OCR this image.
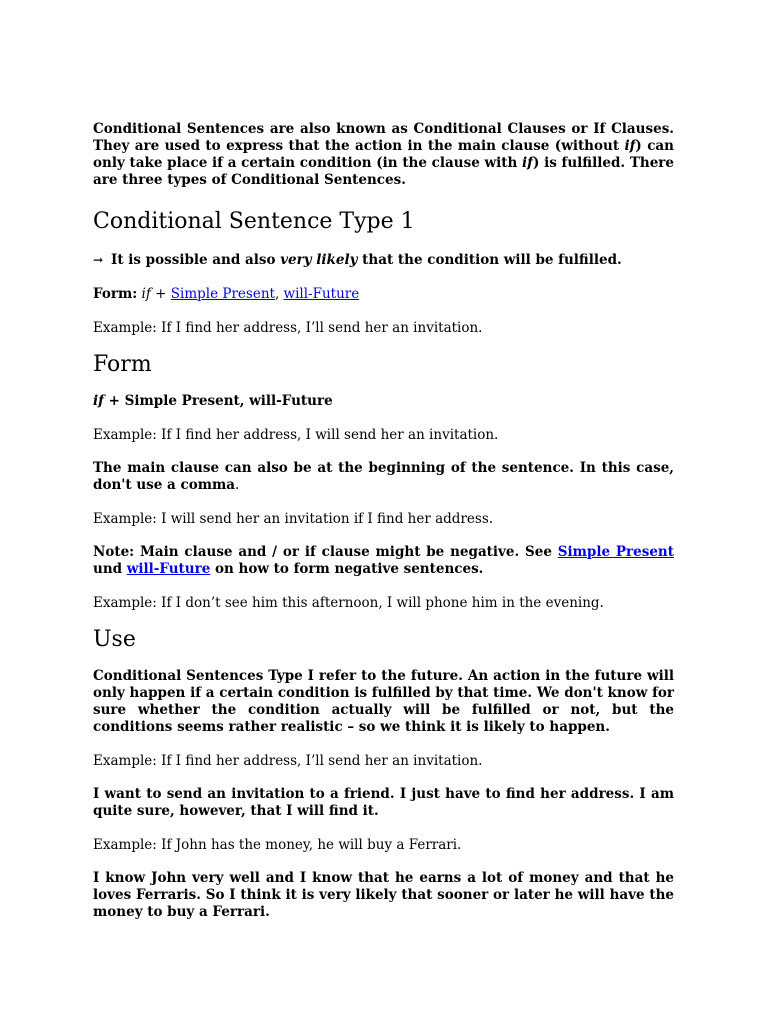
Conditional Sentences are also known as Conditional Clauses or If Clauses. They are used to express that the action in the main clause (without if) can only take place if a certain condition (in the clause with if) is fulfilled. There are three types of Conditional Sentences.

Conditional Sentence Type 1

→ It is possible and also very likely that the condition will be fulfilled.

Form: if + Simple Present, will-Future

Example: If I find her address, I’ll send her an invitation.

Form

if + Simple Present, will-Future

Example: If I find her address, I will send her an invitation.

The main clause can also be at the beginning of the sentence. In this case, don't use a comma.

Example: I will send her an invitation if I find her address.

Note: Main clause and / or if clause might be negative. See Simple Present und will-Future on how to form negative sentences.

Example: If I don’t see him this afternoon, I will phone him in the evening.

Use

Conditional Sentences Type I refer to the future. An action in the future will only happen if a certain condition is fulfilled by that time. We don't know for sure whether the condition actually will be fulfilled or not, but the conditions seems rather realistic – so we think it is likely to happen.

Example: If I find her address, I’ll send her an invitation.

I want to send an invitation to a friend. I just have to find her address. I am quite sure, however, that I will find it.

Example: If John has the money, he will buy a Ferrari.

I know John very well and I know that he earns a lot of money and that he loves Ferraris. So I think it is very likely that sooner or later he will have the money to buy a Ferrari.
